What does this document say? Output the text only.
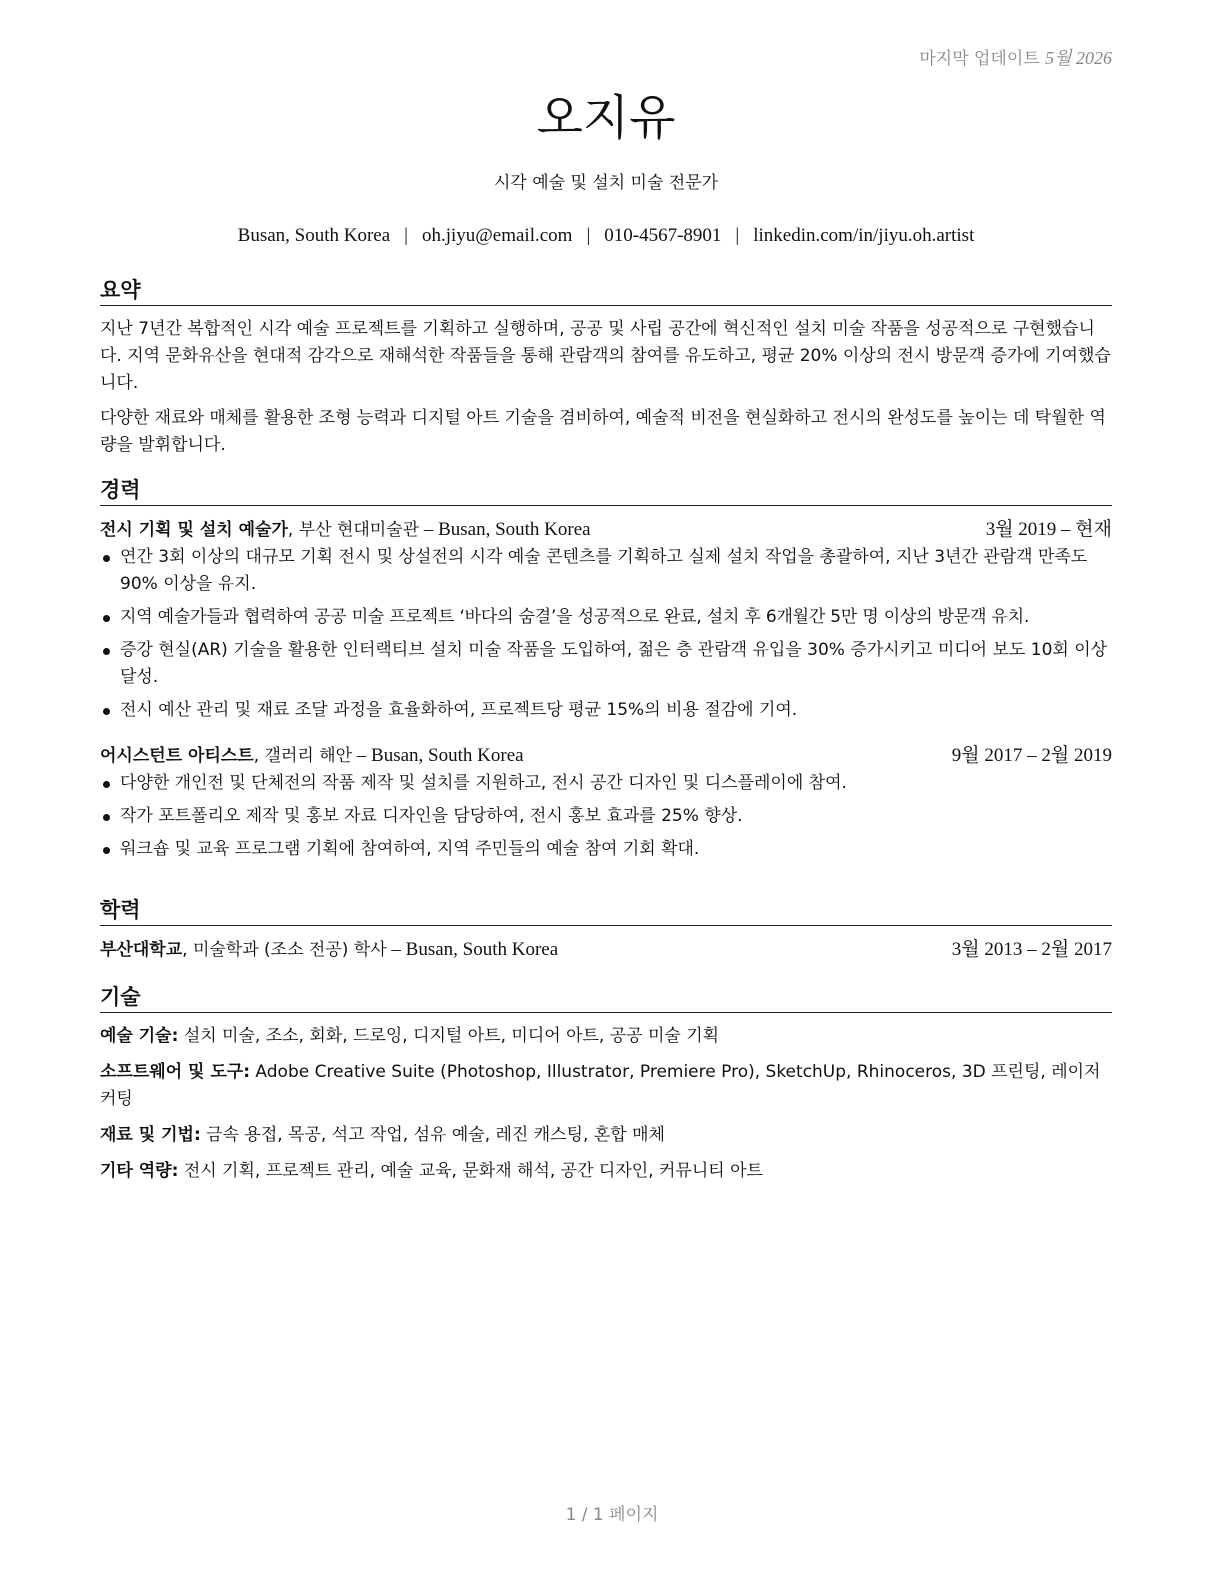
마지막 업데이트 5월 2026
오지유
시각 예술 및 설치 미술 전문가
Busan, South Korea | oh.jiyu@email.com | 010-4567-8901 | linkedin.com/in/jiyu.oh.artist
요약

지난 7년간 복합적인 시각 예술 프로젝트를 기획하고 실행하며, 공공 및 사립 공간에 혁신적인 설치 미술 작품을 성공적으로 구현했습니다. 지역 문화유산을 현대적 감각으로 재해석한 작품들을 통해 관람객의 참여를 유도하고, 평균 20% 이상의 전시 방문객 증가에 기여했습니다.

다양한 재료와 매체를 활용한 조형 능력과 디지털 아트 기술을 겸비하여, 예술적 비전을 현실화하고 전시의 완성도를 높이는 데 탁월한 역량을 발휘합니다.

경력
전시 기획 및 설치 예술가, 부산 현대미술관 – Busan, South Korea	3월 2019 – 현재
연간 3회 이상의 대규모 기획 전시 및 상설전의 시각 예술 콘텐츠를 기획하고 실제 설치 작업을 총괄하여, 지난 3년간 관람객 만족도 90% 이상을 유지.
지역 예술가들과 협력하여 공공 미술 프로젝트 ‘바다의 숨결’을 성공적으로 완료, 설치 후 6개월간 5만 명 이상의 방문객 유치.
증강 현실(AR) 기술을 활용한 인터랙티브 설치 미술 작품을 도입하여, 젊은 층 관람객 유입을 30% 증가시키고 미디어 보도 10회 이상 달성.
전시 예산 관리 및 재료 조달 과정을 효율화하여, 프로젝트당 평균 15%의 비용 절감에 기여.
어시스턴트 아티스트, 갤러리 해안 – Busan, South Korea	9월 2017 – 2월 2019
다양한 개인전 및 단체전의 작품 제작 및 설치를 지원하고, 전시 공간 디자인 및 디스플레이에 참여.
작가 포트폴리오 제작 및 홍보 자료 디자인을 담당하여, 전시 홍보 효과를 25% 향상.
워크숍 및 교육 프로그램 기획에 참여하여, 지역 주민들의 예술 참여 기회 확대.
학력
부산대학교, 미술학과 (조소 전공) 학사 – Busan, South Korea	3월 2013 – 2월 2017
기술

예술 기술: 설치 미술, 조소, 회화, 드로잉, 디지털 아트, 미디어 아트, 공공 미술 기획

소프트웨어 및 도구: Adobe Creative Suite (Photoshop, Illustrator, Premiere Pro), SketchUp, Rhinoceros, 3D 프린팅, 레이저 커팅

재료 및 기법: 금속 용접, 목공, 석고 작업, 섬유 예술, 레진 캐스팅, 혼합 매체

기타 역량: 전시 기획, 프로젝트 관리, 예술 교육, 문화재 해석, 공간 디자인, 커뮤니티 아트

1 / 1 페이지
